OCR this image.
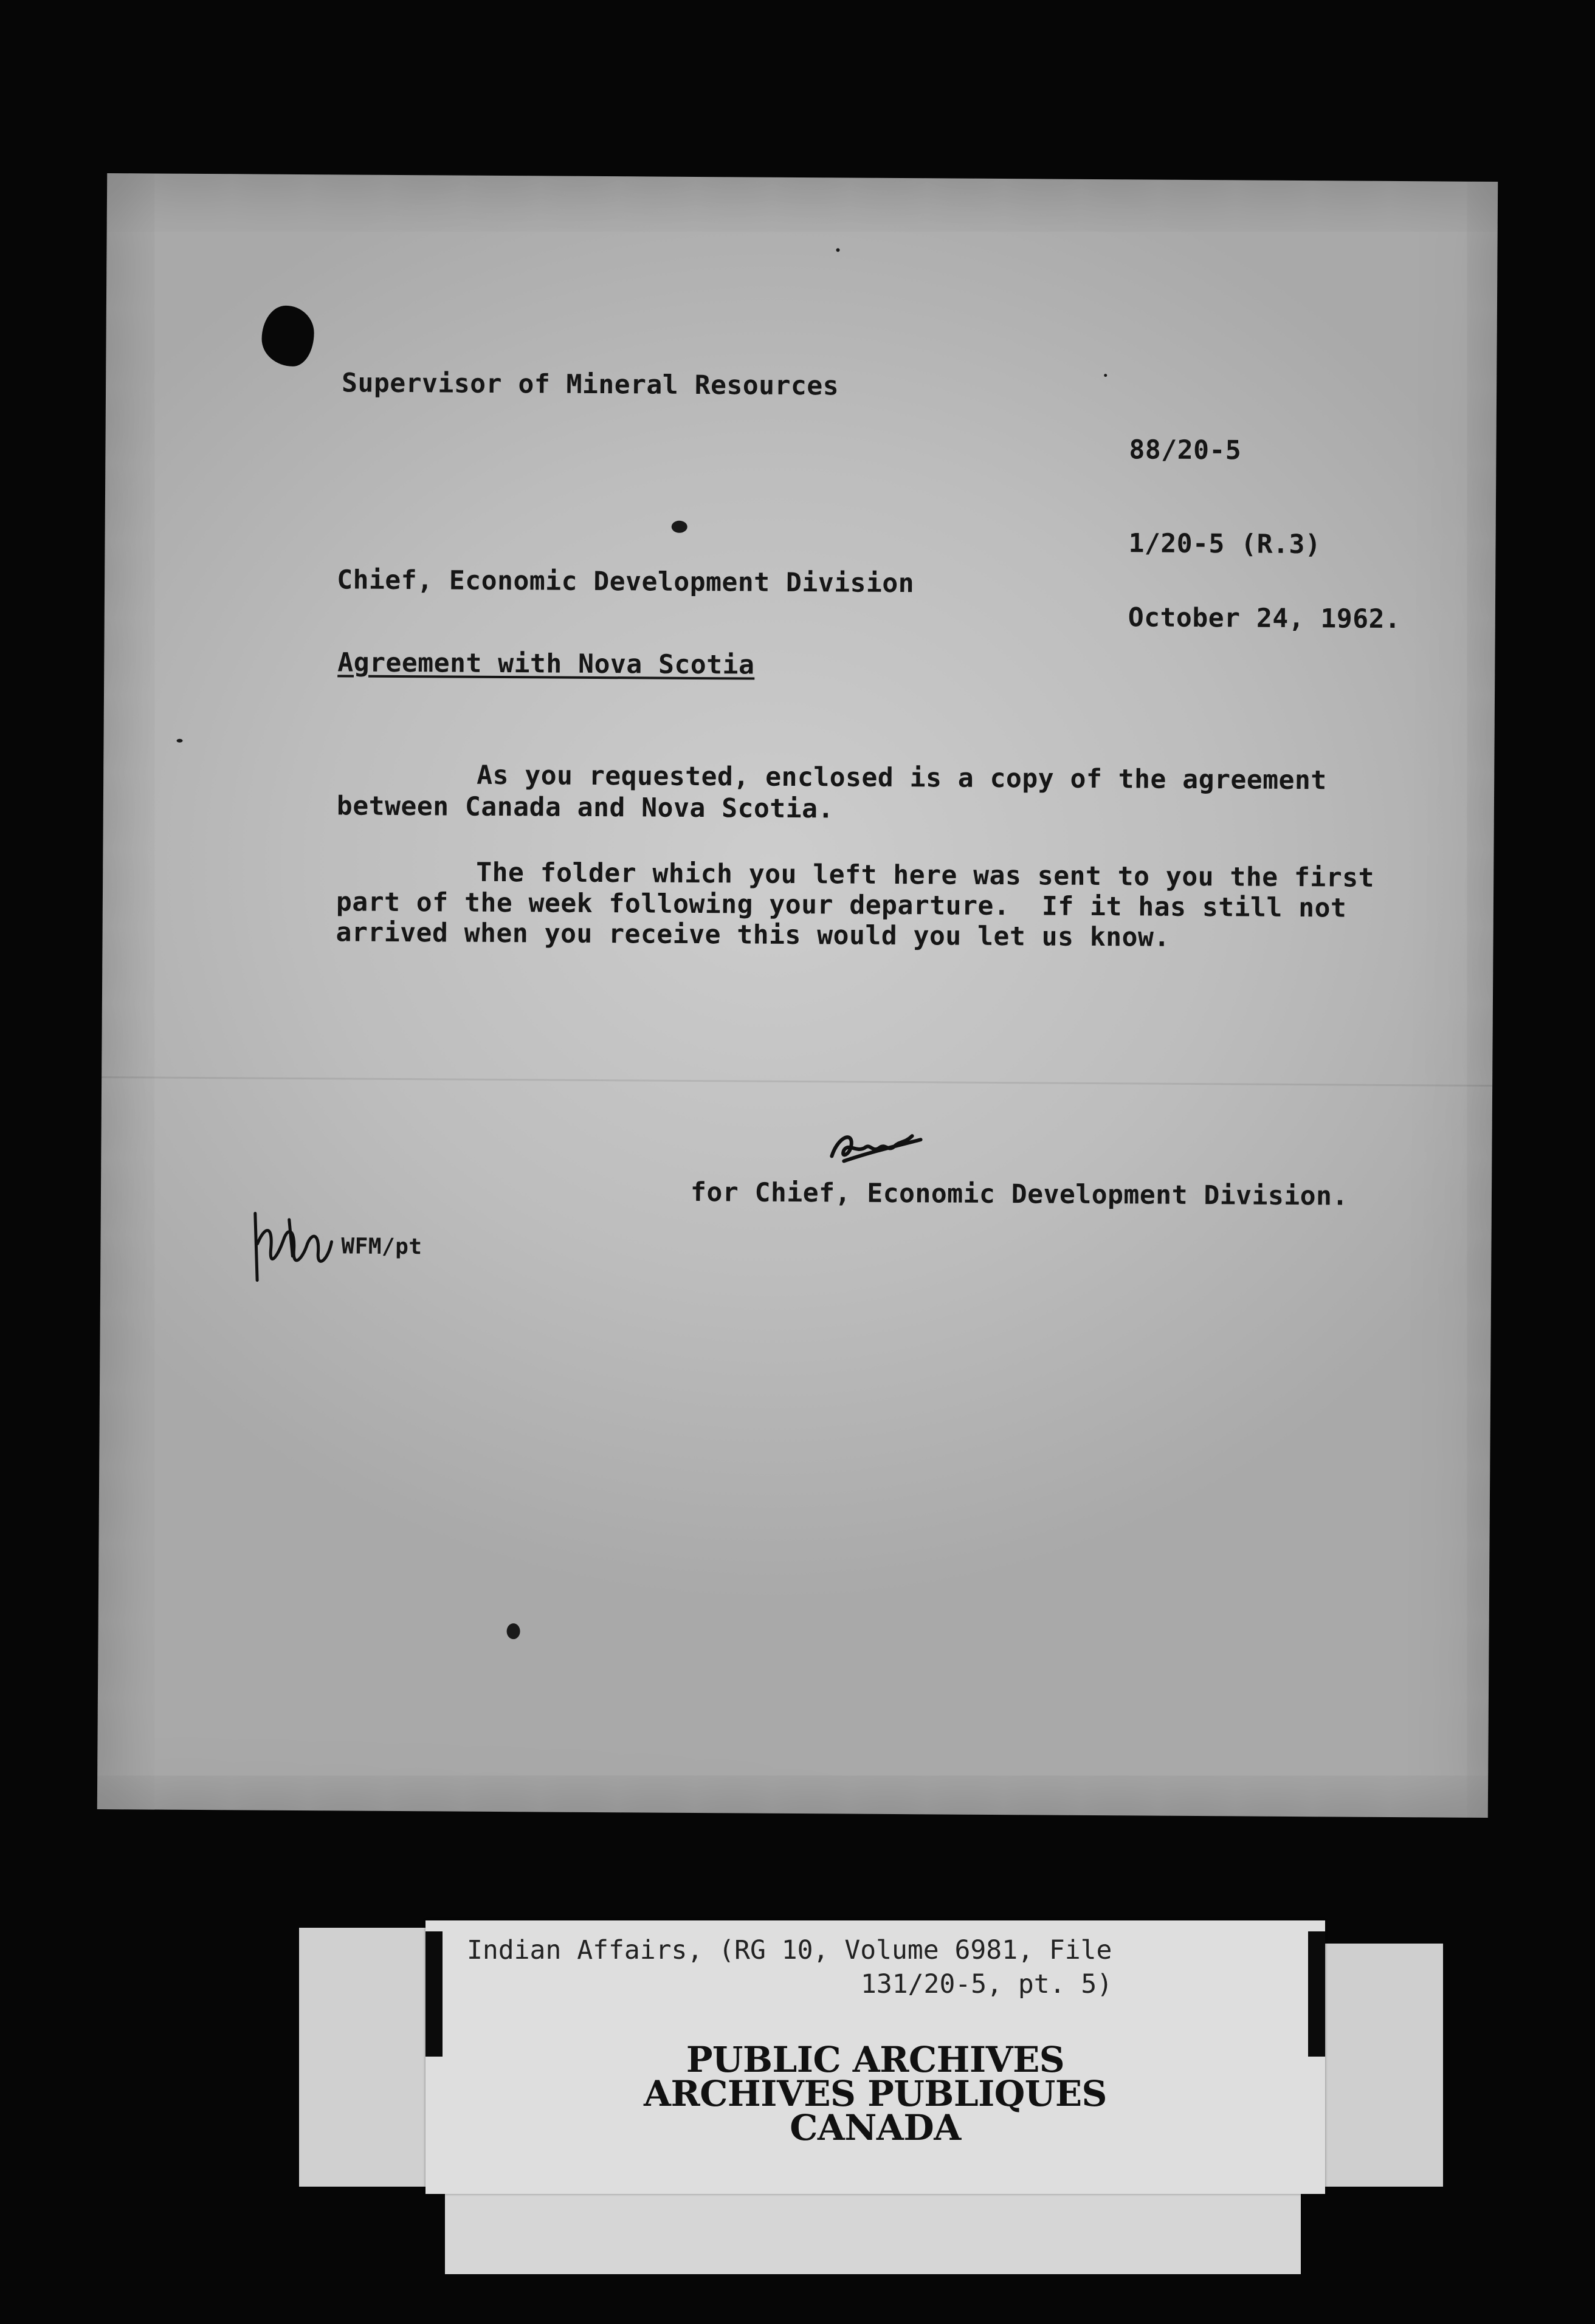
Supervisor of Mineral Resources
88/20-5
1/20-5 (R.3)
Chief, Economic Development Division
October 24, 1962.
Agreement with Nova Scotia
As you requested, enclosed is a copy of the agreement
between Canada and Nova Scotia.
The folder which you left here was sent to you the first
part of the week following your departure.  If it has still not
arrived when you receive this would you let us know.
for Chief, Economic Development Division.
WFM/pt
Indian Affairs, (RG 10, Volume 6981, File
131/20-5, pt. 5)
PUBLIC ARCHIVES
ARCHIVES PUBLIQUES
CANADA
